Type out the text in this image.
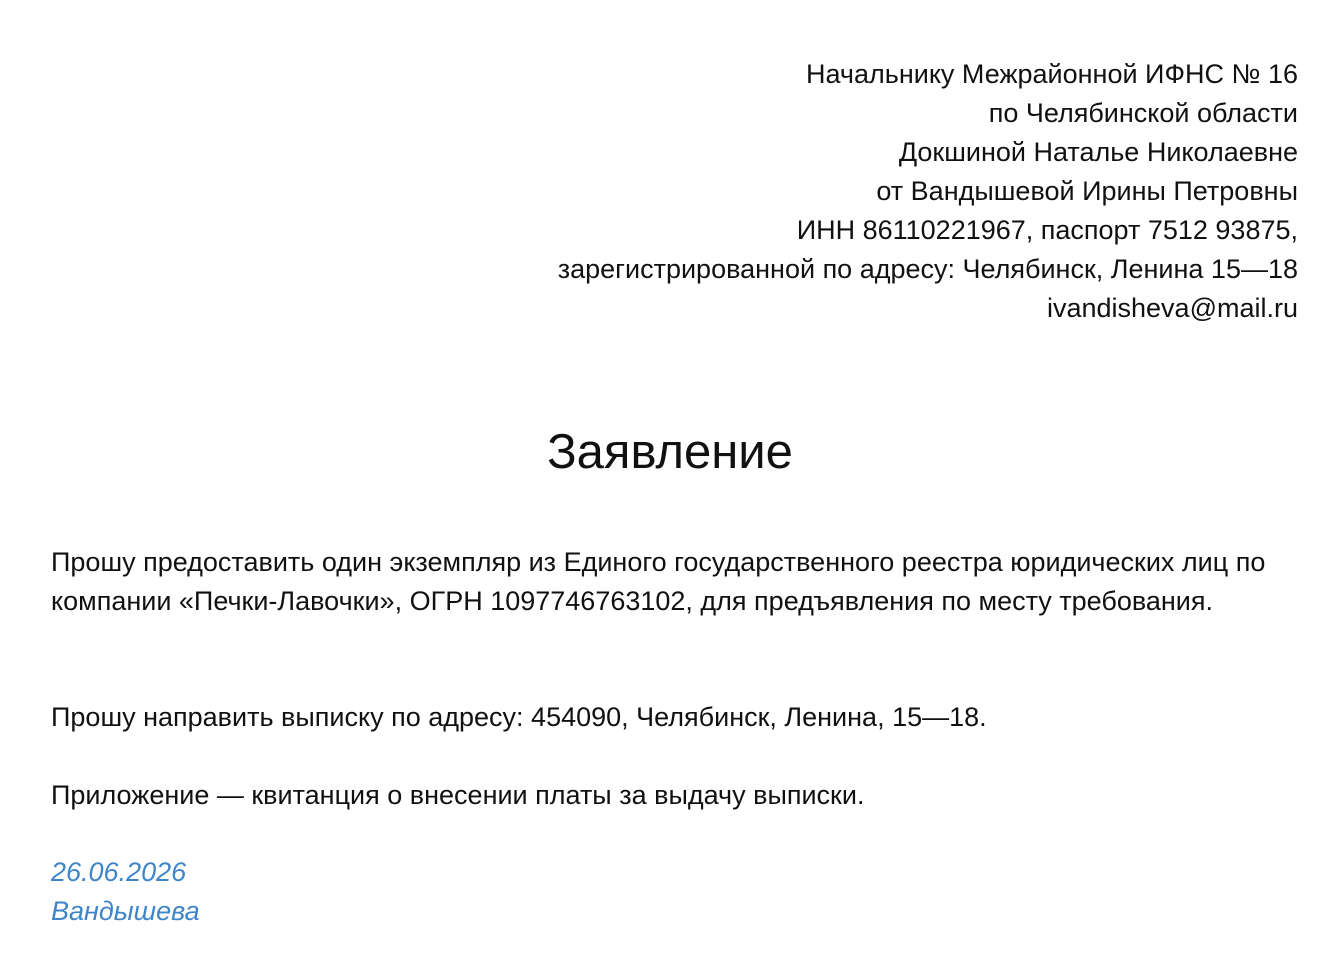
Начальнику Межрайонной ИФНС № 16
по Челябинской области
Докшиной Наталье Николаевне
от Вандышевой Ирины Петровны
ИНН 86110221967, паспорт 7512 93875,
зарегистрированной по адресу: Челябинск, Ленина 15—18
ivandisheva@mail.ru
Заявление

Прошу предоставить один экземпляр из Единого государственного реестра юридических лиц по компании «Печки-Лавочки», ОГРН 1097746763102, для предъявления по месту требования.

Прошу направить выписку по адресу: 454090, Челябинск, Ленина, 15—18.

Приложение — квитанция о внесении платы за выдачу выписки.

26.06.2026
Вандышева
